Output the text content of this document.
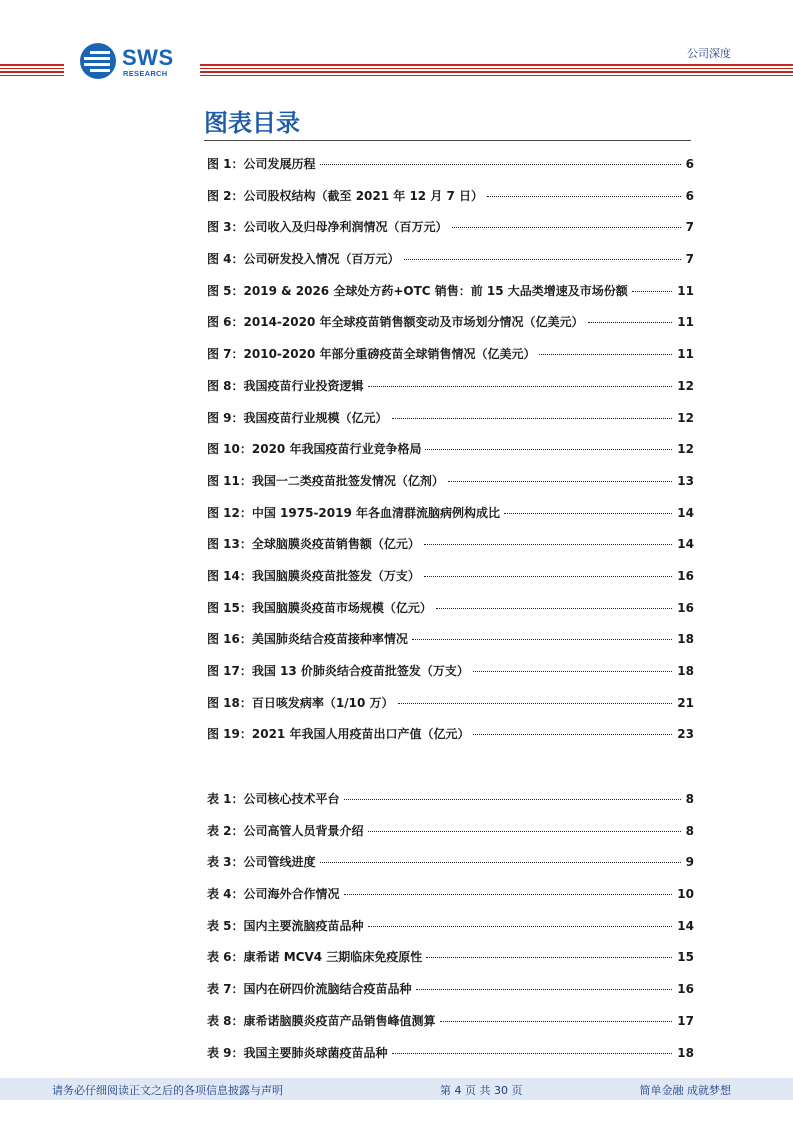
SWS
RESEARCH
公司深度
图表目录
图 1：公司发展历程	6
图 2：公司股权结构（截至 2021 年 12 月 7 日）	6
图 3：公司收入及归母净利润情况（百万元）	7
图 4：公司研发投入情况（百万元）	7
图 5：2019 & 2026 全球处方药+OTC 销售：前 15 大品类增速及市场份额	11
图 6：2014-2020 年全球疫苗销售额变动及市场划分情况（亿美元）	11
图 7：2010-2020 年部分重磅疫苗全球销售情况（亿美元）	11
图 8：我国疫苗行业投资逻辑	12
图 9：我国疫苗行业规模（亿元）	12
图 10：2020 年我国疫苗行业竞争格局	12
图 11：我国一二类疫苗批签发情况（亿剂）	13
图 12：中国 1975-2019 年各血清群流脑病例构成比	14
图 13：全球脑膜炎疫苗销售额（亿元）	14
图 14：我国脑膜炎疫苗批签发（万支）	16
图 15：我国脑膜炎疫苗市场规模（亿元）	16
图 16：美国肺炎结合疫苗接种率情况	18
图 17：我国 13 价肺炎结合疫苗批签发（万支）	18
图 18：百日咳发病率（1/10 万）	21
图 19：2021 年我国人用疫苗出口产值（亿元）	23
表 1：公司核心技术平台	8
表 2：公司高管人员背景介绍	8
表 3：公司管线进度	9
表 4：公司海外合作情况	10
表 5：国内主要流脑疫苗品种	14
表 6：康希诺 MCV4 三期临床免疫原性	15
表 7：国内在研四价流脑结合疫苗品种	16
表 8：康希诺脑膜炎疫苗产品销售峰值测算	17
表 9：我国主要肺炎球菌疫苗品种	18
请务必仔细阅读正文之后的各项信息披露与声明	第 4 页 共 30 页	简单金融 成就梦想
